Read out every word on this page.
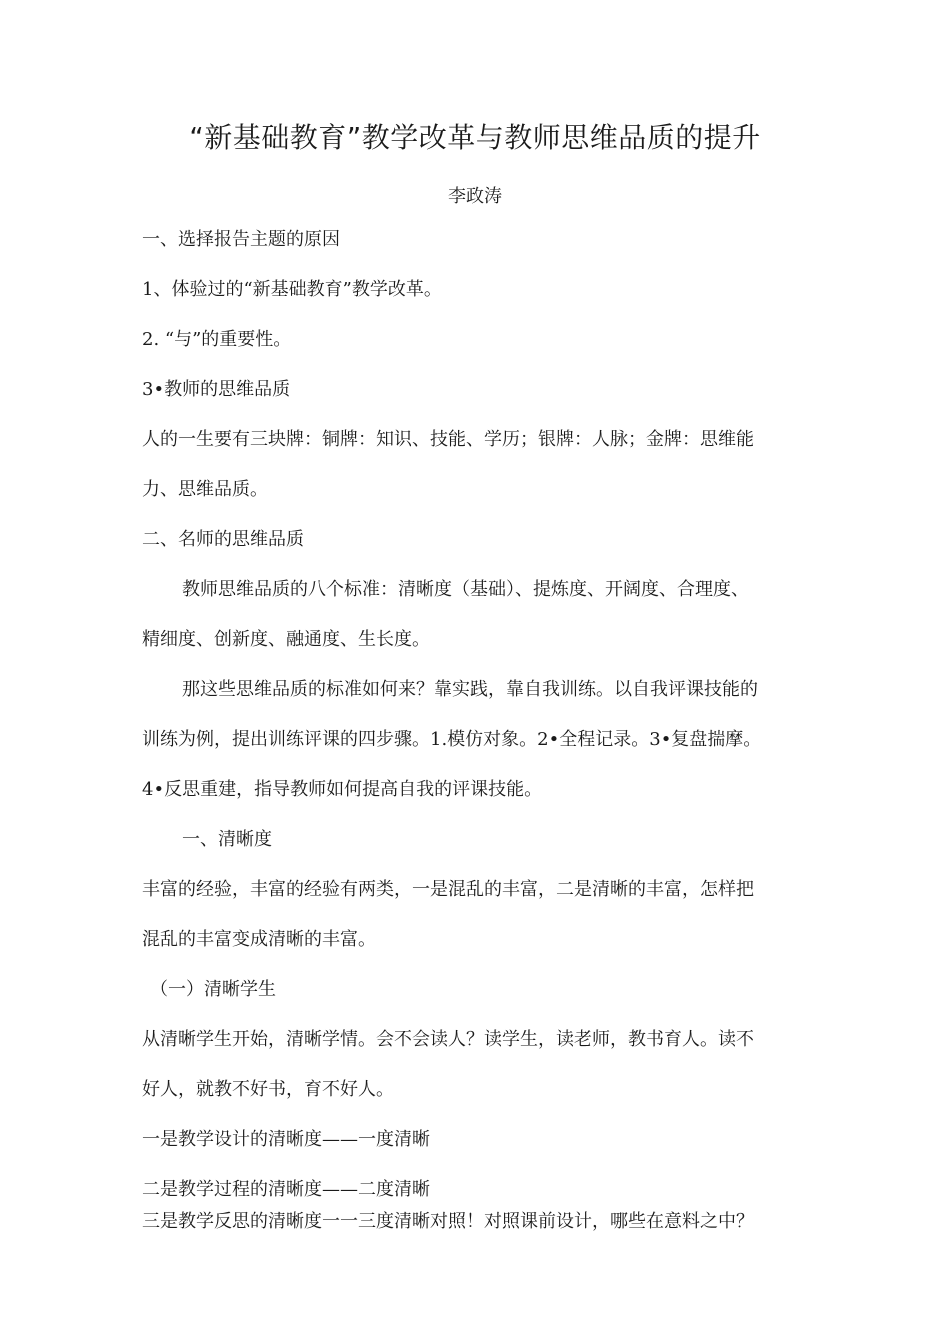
“新基础教育”教学改革与教师思维品质的提升
李政涛

一、选择报告主题的原因

1、体验过的“新基础教育”教学改革。

2. “与”的重要性。

3•教师的思维品质

人的一生要有三块牌：铜牌：知识、技能、学历；银牌：人脉；金牌：思维能

力、思维品质。

二、名师的思维品质

教师思维品质的八个标准：清晰度（基础）、提炼度、开阔度、合理度、

精细度、创新度、融通度、生长度。

那这些思维品质的标准如何来？靠实践，靠自我训练。以自我评课技能的

训练为例，提出训练评课的四步骤。1.模仿对象。2•全程记录。3•复盘揣摩。

4•反思重建，指导教师如何提高自我的评课技能。

一、清晰度

丰富的经验，丰富的经验有两类，一是混乱的丰富，二是清晰的丰富，怎样把

混乱的丰富变成清晰的丰富。

（一）清晰学生

从清晰学生开始，清晰学情。会不会读人？读学生，读老师，教书育人。读不

好人，就教不好书，育不好人。

一是教学设计的清晰度——一度清晰

二是教学过程的清晰度——二度清晰

三是教学反思的清晰度一一三度清晰对照！对照课前设计，哪些在意料之中？
